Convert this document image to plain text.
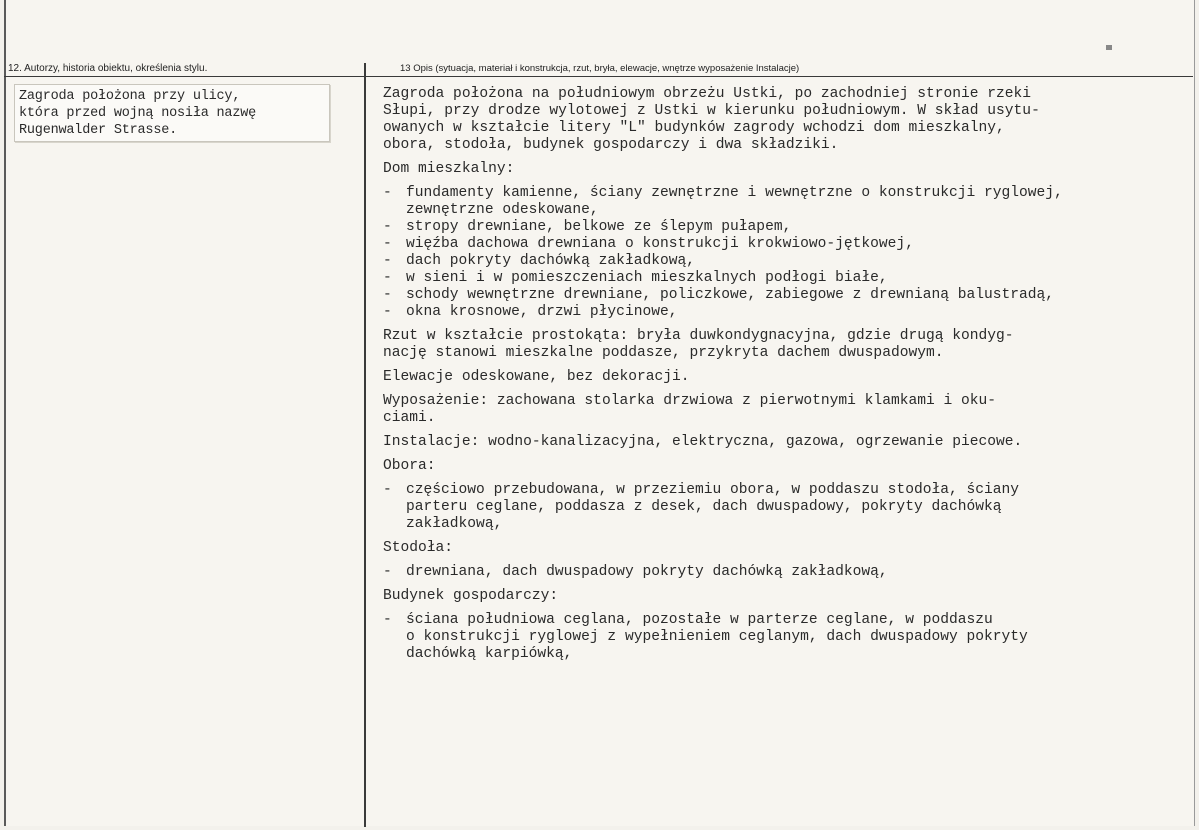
12. Autorzy, historia obiektu, określenia stylu.	13 Opis (sytuacja, materiał i konstrukcja, rzut, bryła, elewacje, wnętrze wyposażenie Instalacje)
Zagroda położona przy ulicy,
która przed wojną nosiła nazwę
Rugenwalder Strasse.
Zagroda położona na południowym obrzeżu Ustki, po zachodniej stronie rzeki
Słupi, przy drodze wylotowej z Ustki w kierunku południowym. W skład usytu-
owanych w kształcie litery "L" budynków zagrody wchodzi dom mieszkalny,
obora, stodoła, budynek gospodarczy i dwa składziki.
Dom mieszkalny:
- fundamenty kamienne, ściany zewnętrzne i wewnętrzne o konstrukcji ryglowej,
zewnętrzne odeskowane,
- stropy drewniane, belkowe ze ślepym pułapem,
- więźba dachowa drewniana o konstrukcji krokwiowo-jętkowej,
- dach pokryty dachówką zakładkową,
- w sieni i w pomieszczeniach mieszkalnych podłogi białe,
- schody wewnętrzne drewniane, policzkowe, zabiegowe z drewnianą balustradą,
- okna krosnowe, drzwi płycinowe,
Rzut w kształcie prostokąta: bryła duwkondygnacyjna, gdzie drugą kondyg-
nację stanowi mieszkalne poddasze, przykryta dachem dwuspadowym.
Elewacje odeskowane, bez dekoracji.
Wyposażenie: zachowana stolarka drzwiowa z pierwotnymi klamkami i oku-
ciami.
Instalacje: wodno-kanalizacyjna, elektryczna, gazowa, ogrzewanie piecowe.
Obora:
- częściowo przebudowana, w przeziemiu obora, w poddaszu stodoła, ściany
parteru ceglane, poddasza z desek, dach dwuspadowy, pokryty dachówką
zakładkową,
Stodoła:
- drewniana, dach dwuspadowy pokryty dachówką zakładkową,
Budynek gospodarczy:
- ściana południowa ceglana, pozostałe w parterze ceglane, w poddaszu
o konstrukcji ryglowej z wypełnieniem ceglanym, dach dwuspadowy pokryty
dachówką karpiówką,
